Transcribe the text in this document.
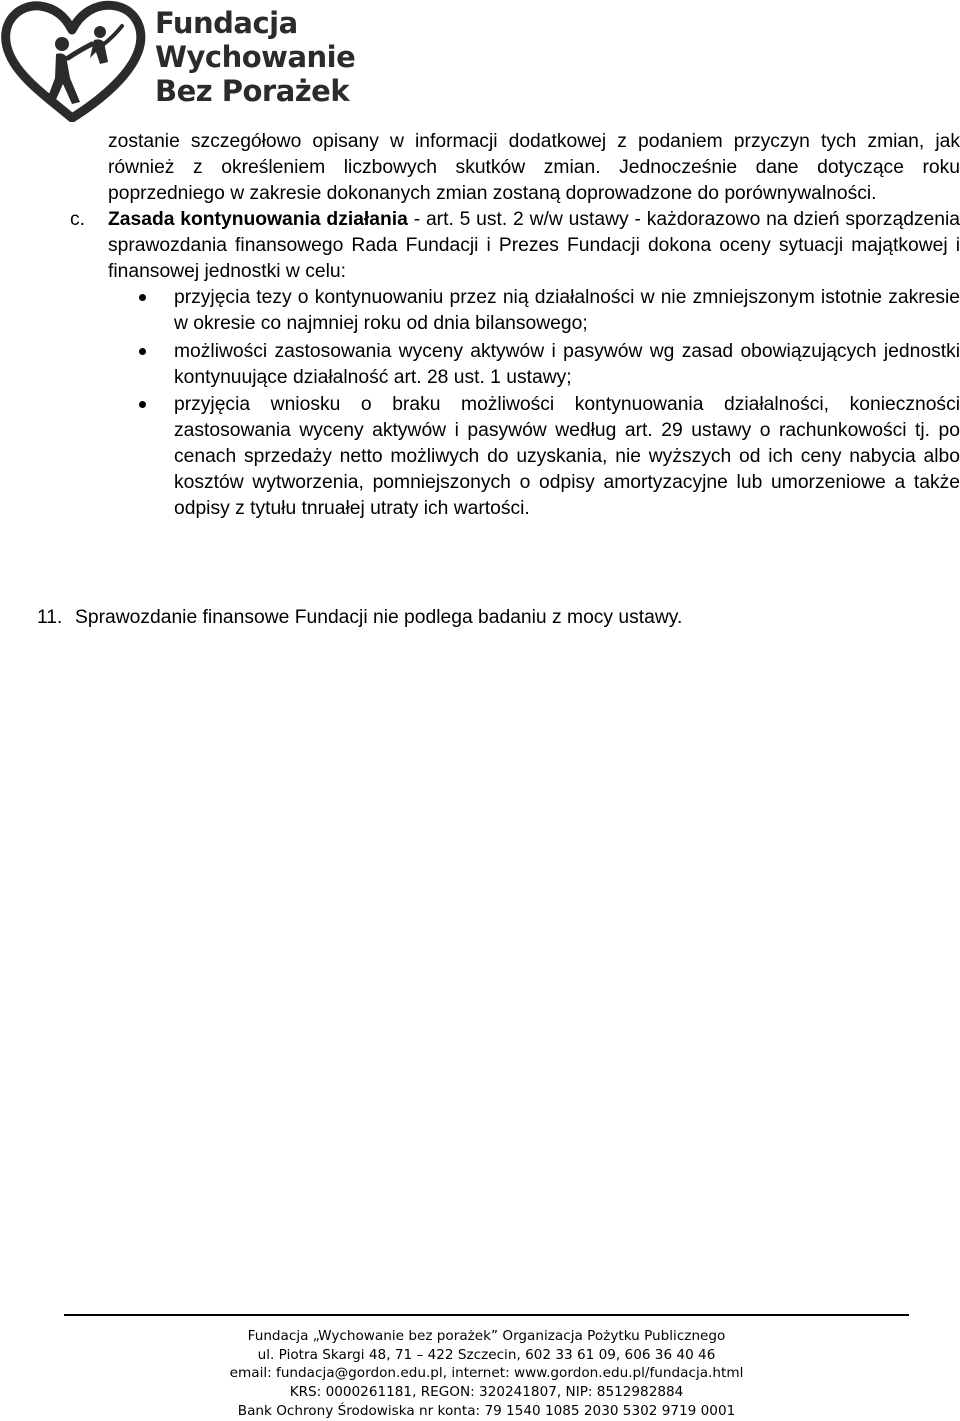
Fundacja
Wychowanie
Bez Porażek

zostanie szczegółowo opisany w informacji dodatkowej z podaniem przyczyn tych zmian, jak również z określeniem liczbowych skutków zmian. Jednocześnie dane dotyczące roku poprzedniego w zakresie dokonanych zmian zostaną doprowadzone do porównywalności.

c. Zasada kontynuowania działania - art. 5 ust. 2 w/w ustawy - każdorazowo na dzień sporządzenia sprawozdania finansowego Rada Fundacji i Prezes Fundacji dokona oceny sytuacji majątkowej i finansowej jednostki w celu:

przyjęcia tezy o kontynuowaniu przez nią działalności w nie zmniejszonym istotnie zakresie w okresie co najmniej roku od dnia bilansowego;
możliwości zastosowania wyceny aktywów i pasywów wg zasad obowiązujących jednostki kontynuujące działalność art. 28 ust. 1 ustawy;
przyjęcia wniosku o braku możliwości kontynuowania działalności, konieczności zastosowania wyceny aktywów i pasywów według art. 29 ustawy o rachunkowości tj. po cenach sprzedaży netto możliwych do uzyskania, nie wyższych od ich ceny nabycia albo kosztów wytworzenia, pomniejszonych o odpisy amortyzacyjne lub umorzeniowe a także odpisy z tytułu tnruałej utraty ich wartości.
11. Sprawozdanie finansowe Fundacji nie podlega badaniu z mocy ustawy.
Fundacja „Wychowanie bez porażek” Organizacja Pożytku Publicznego
ul. Piotra Skargi 48, 71 – 422 Szczecin, 602 33 61 09, 606 36 40 46
email: fundacja@gordon.edu.pl, internet: www.gordon.edu.pl/fundacja.html
KRS: 0000261181, REGON: 320241807, NIP: 8512982884
Bank Ochrony Środowiska nr konta: 79 1540 1085 2030 5302 9719 0001
